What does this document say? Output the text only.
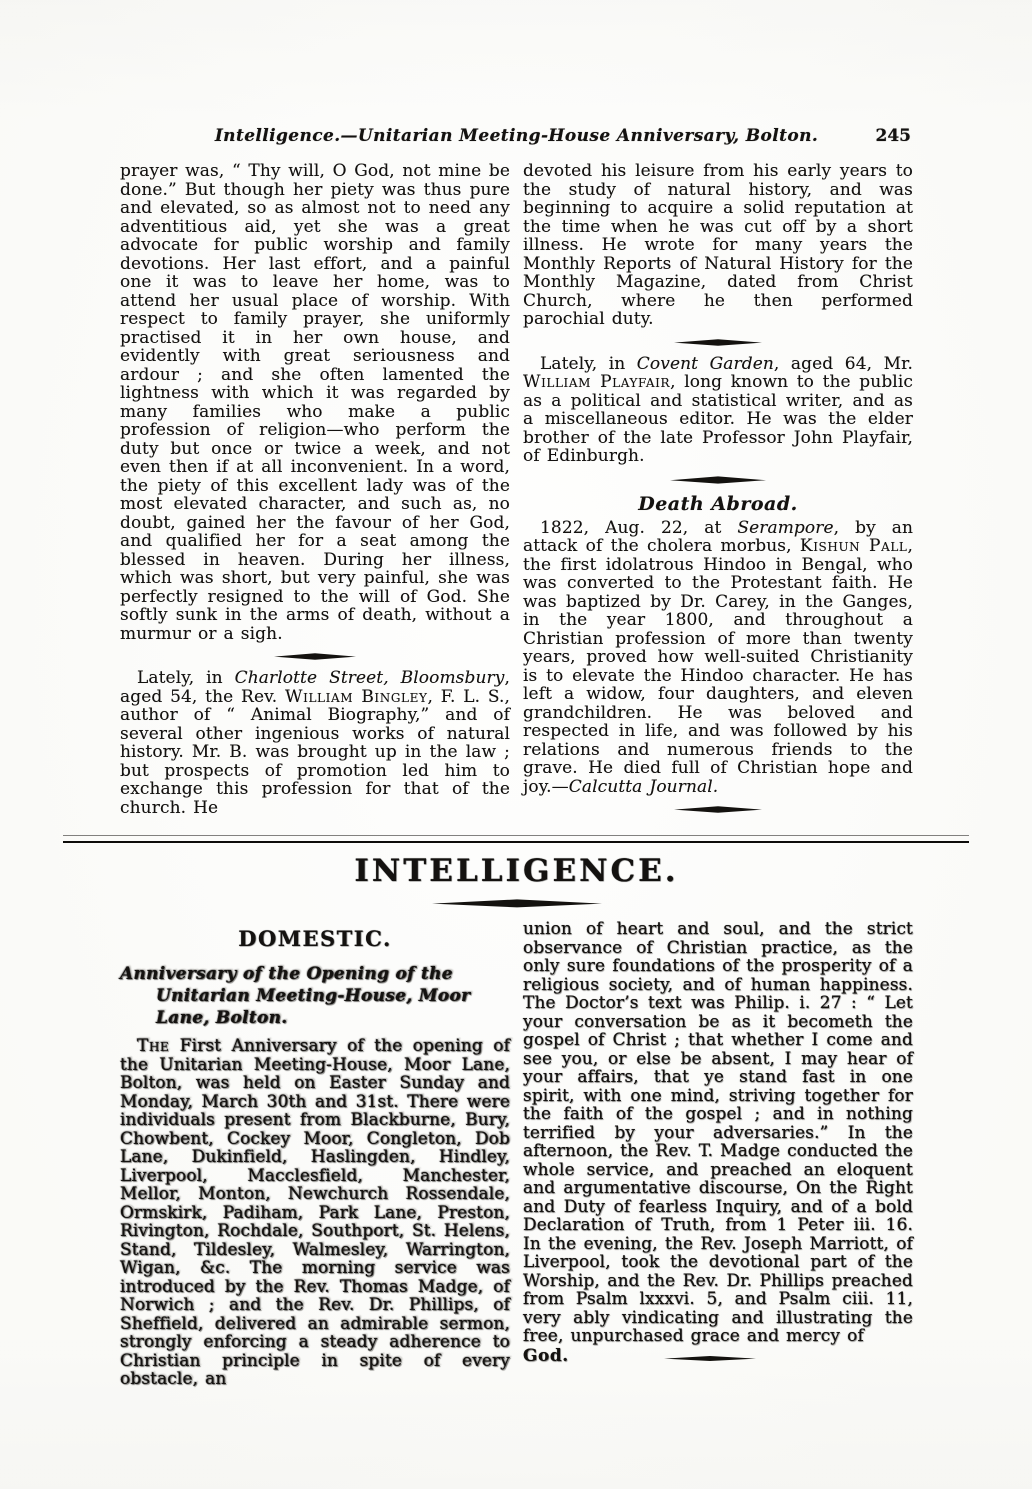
Intelligence.—Unitarian Meeting-House Anniversary, Bolton.	245

prayer was, “ Thy will, O God, not mine be done.” But though her piety was thus pure and elevated, so as almost not to need any adventitious aid, yet she was a great advocate for public worship and family devotions. Her last effort, and a painful one it was to leave her home, was to attend her usual place of worship. With respect to family prayer, she uniformly practised it in her own house, and evidently with great seriousness and ardour ; and she often lamented the lightness with which it was regarded by many families who make a public profession of religion—who perform the duty but once or twice a week, and not even then if at all inconvenient. In a word, the piety of this excellent lady was of the most elevated character, and such as, no doubt, gained her the favour of her God, and qualified her for a seat among the blessed in heaven. During her illness, which was short, but very painful, she was perfectly resigned to the will of God. She softly sunk in the arms of death, without a murmur or a sigh.

Lately, in Charlotte Street, Bloomsbury, aged 54, the Rev. William Bingley, F. L. S., author of “ Animal Biography,” and of several other ingenious works of natural history. Mr. B. was brought up in the law ; but prospects of promotion led him to exchange this profession for that of the church. He

devoted his leisure from his early years to the study of natural history, and was beginning to acquire a solid reputation at the time when he was cut off by a short illness. He wrote for many years the Monthly Reports of Natural History for the Monthly Magazine, dated from Christ Church, where he then performed parochial duty.

Lately, in Covent Garden, aged 64, Mr. William Playfair, long known to the public as a political and statistical writer, and as a miscellaneous editor. He was the elder brother of the late Professor John Playfair, of Edinburgh.

Death Abroad.

1822, Aug. 22, at Serampore, by an attack of the cholera morbus, Kishun Pall, the first idolatrous Hindoo in Bengal, who was converted to the Protestant faith. He was baptized by Dr. Carey, in the Ganges, in the year 1800, and throughout a Christian profession of more than twenty years, proved how well-suited Christianity is to elevate the Hindoo character. He has left a widow, four daughters, and eleven grandchildren. He was beloved and respected in life, and was followed by his relations and numerous friends to the grave. He died full of Christian hope and joy.—Calcutta Journal.

INTELLIGENCE.
DOMESTIC.
Anniversary of the Opening of the Unitarian Meeting-House, Moor Lane, Bolton.

The First Anniversary of the opening of the Unitarian Meeting-House, Moor Lane, Bolton, was held on Easter Sunday and Monday, March 30th and 31st. There were individuals present from Blackburne, Bury, Chowbent, Cockey Moor, Congleton, Dob Lane, Dukinfield, Haslingden, Hindley, Liverpool, Macclesfield, Manchester, Mellor, Monton, Newchurch Rossendale, Ormskirk, Padiham, Park Lane, Preston, Rivington, Rochdale, Southport, St. Helens, Stand, Tildesley, Walmesley, Warrington, Wigan, &c. The morning service was introduced by the Rev. Thomas Madge, of Norwich ; and the Rev. Dr. Phillips, of Sheffield, delivered an admirable sermon, strongly enforcing a steady adherence to Christian principle in spite of every obstacle, an

union of heart and soul, and the strict observance of Christian practice, as the only sure foundations of the prosperity of a religious society, and of human happiness. The Doctor’s text was Philip. i. 27 : “ Let your conversation be as it becometh the gospel of Christ ; that whether I come and see you, or else be absent, I may hear of your affairs, that ye stand fast in one spirit, with one mind, striving together for the faith of the gospel ; and in nothing terrified by your adversaries.” In the afternoon, the Rev. T. Madge conducted the whole service, and preached an eloquent and argumentative discourse, On the Right and Duty of fearless Inquiry, and of a bold Declaration of Truth, from 1 Peter iii. 16. In the evening, the Rev. Joseph Marriott, of Liverpool, took the devotional part of the Worship, and the Rev. Dr. Phillips preached from Psalm lxxxvi. 5, and Psalm ciii. 11, very ably vindicating and illustrating the free, unpurchased grace and mercy of

God.
